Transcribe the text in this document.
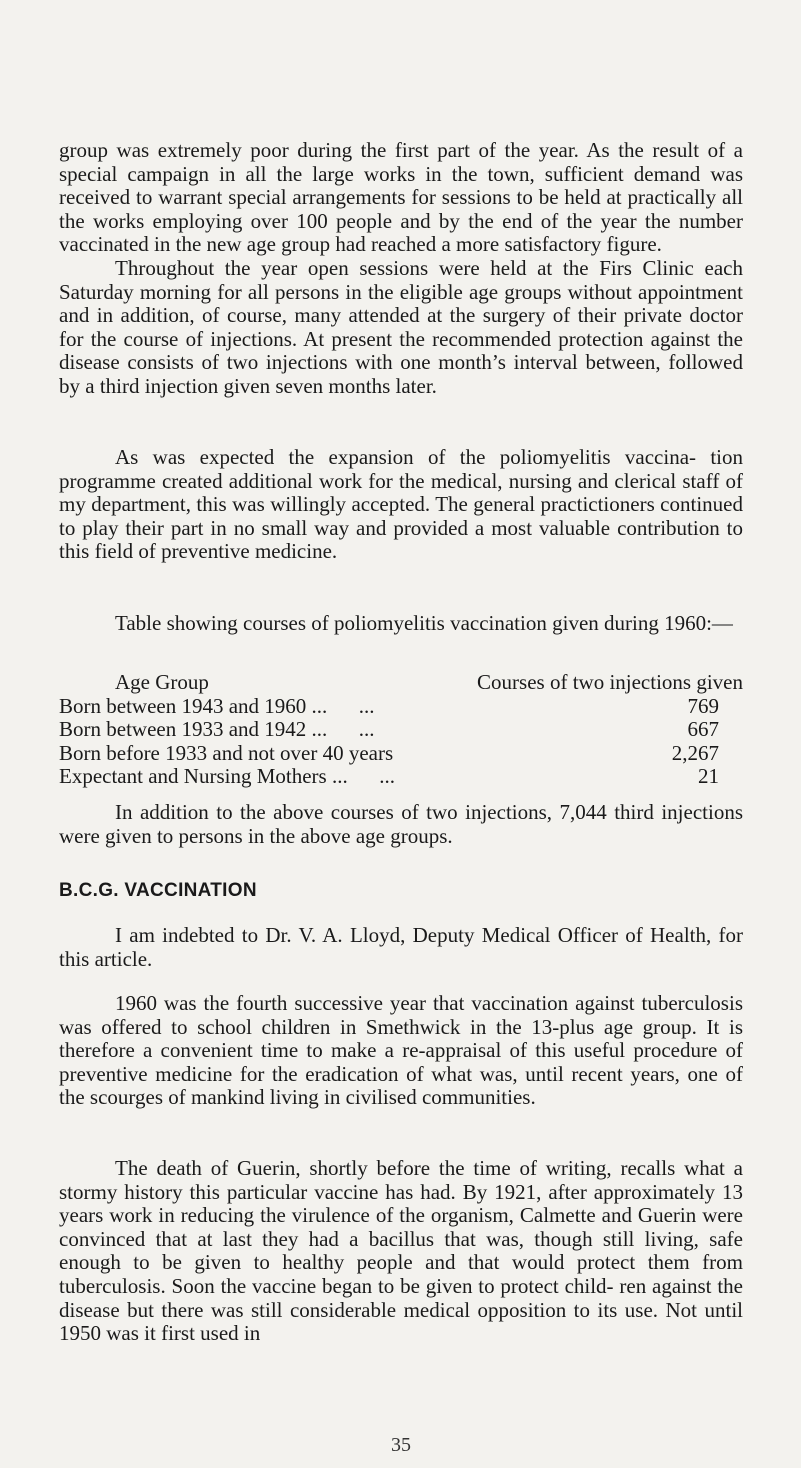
group was extremely poor during the first part of the year. As the result of a special campaign in all the large works in the town, sufficient demand was received to warrant special arrangements for sessions to be held at practically all the works employing over 100 people and by the end of the year the number vaccinated in the new age group had reached a more satisfactory figure.

Throughout the year open sessions were held at the Firs Clinic each Saturday morning for all persons in the eligible age groups without appointment and in addition, of course, many attended at the surgery of their private doctor for the course of injections. At present the recommended protection against the disease consists of two injections with one month’s interval between, followed by a third injection given seven months later.

As was expected the expansion of the poliomyelitis vaccina- tion programme created additional work for the medical, nursing and clerical staff of my department, this was willingly accepted. The general practictioners continued to play their part in no small way and provided a most valuable contribution to this field of preventive medicine.

Table showing courses of poliomyelitis vaccination given during 1960:—

Age Group	Courses of two injections given
Born between 1943 and 1960 ...      ...	769
Born between 1933 and 1942 ...      ...	667
Born before 1933 and not over 40 years	2,267
Expectant and Nursing Mothers ...      ...	21

In addition to the above courses of two injections, 7,044 third injections were given to persons in the above age groups.

B.C.G. VACCINATION

I am indebted to Dr. V. A. Lloyd, Deputy Medical Officer of Health, for this article.

1960 was the fourth successive year that vaccination against tuberculosis was offered to school children in Smethwick in the 13-plus age group. It is therefore a convenient time to make a re-appraisal of this useful procedure of preventive medicine for the eradication of what was, until recent years, one of the scourges of mankind living in civilised communities.

The death of Guerin, shortly before the time of writing, recalls what a stormy history this particular vaccine has had. By 1921, after approximately 13 years work in reducing the virulence of the organism, Calmette and Guerin were convinced that at last they had a bacillus that was, though still living, safe enough to be given to healthy people and that would protect them from tuberculosis. Soon the vaccine began to be given to protect child- ren against the disease but there was still considerable medical opposition to its use. Not until 1950 was it first used in

35
